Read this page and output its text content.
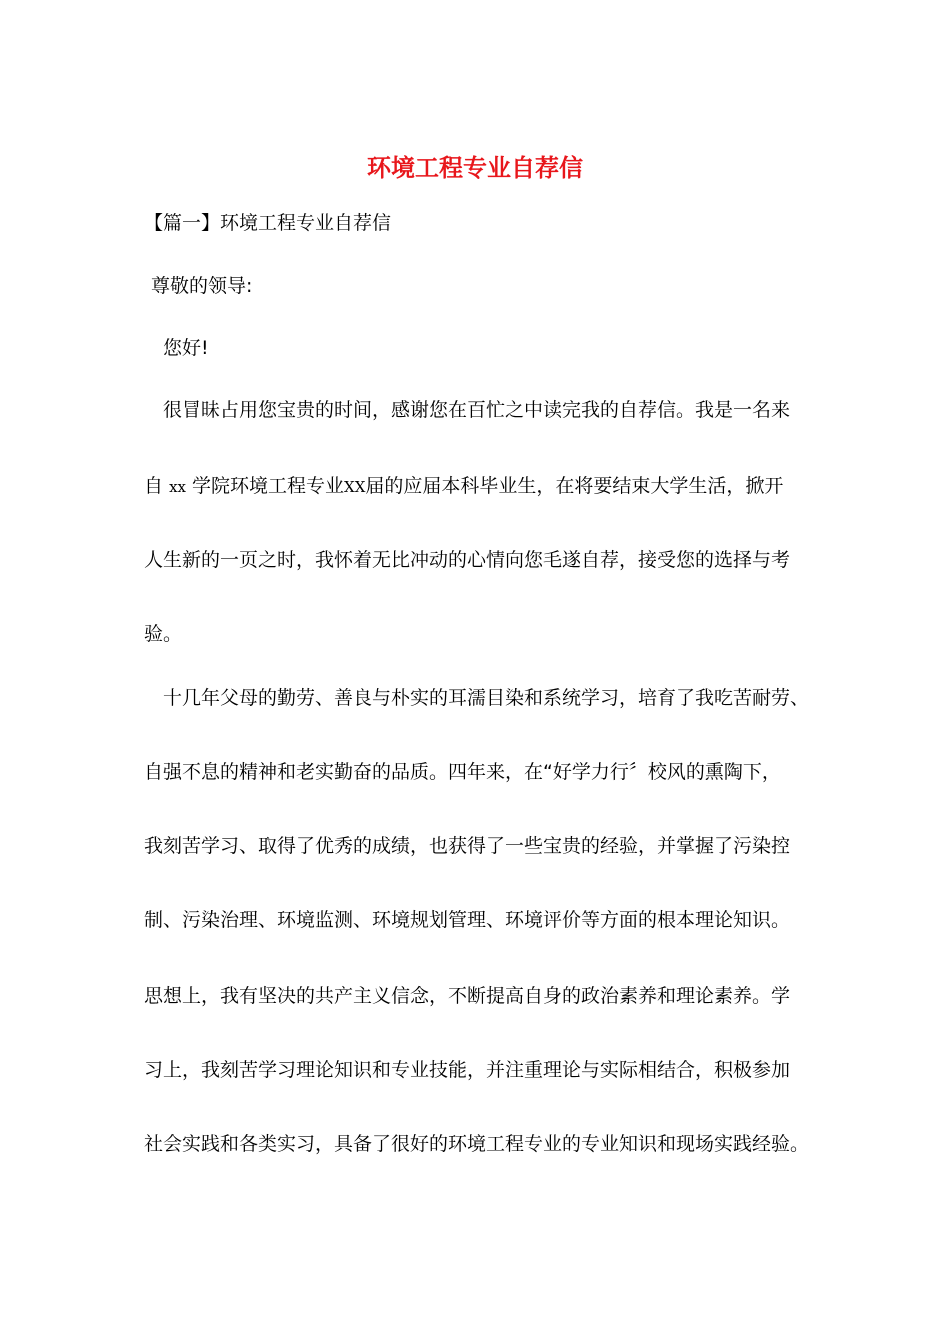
环境工程专业自荐信

【篇一】环境工程专业自荐信

尊敬的领导:

您好!

很冒昧占用您宝贵的时间，感谢您在百忙之中读完我的自荐信。我是一名来

自 xx 学院环境工程专业XX届的应届本科毕业生，在将要结束大学生活，掀开

人生新的一页之时，我怀着无比冲动的心情向您毛遂自荐，接受您的选择与考

验。

十几年父母的勤劳、善良与朴实的耳濡目染和系统学习，培育了我吃苦耐劳、

自强不息的精神和老实勤奋的品质。四年来，在“好学力行〞校风的熏陶下，

我刻苦学习、取得了优秀的成绩，也获得了一些宝贵的经验，并掌握了污染控

制、污染治理、环境监测、环境规划管理、环境评价等方面的根本理论知识。

思想上，我有坚决的共产主义信念，不断提高自身的政治素养和理论素养。学

习上，我刻苦学习理论知识和专业技能，并注重理论与实际相结合，积极参加

社会实践和各类实习，具备了很好的环境工程专业的专业知识和现场实践经验。
